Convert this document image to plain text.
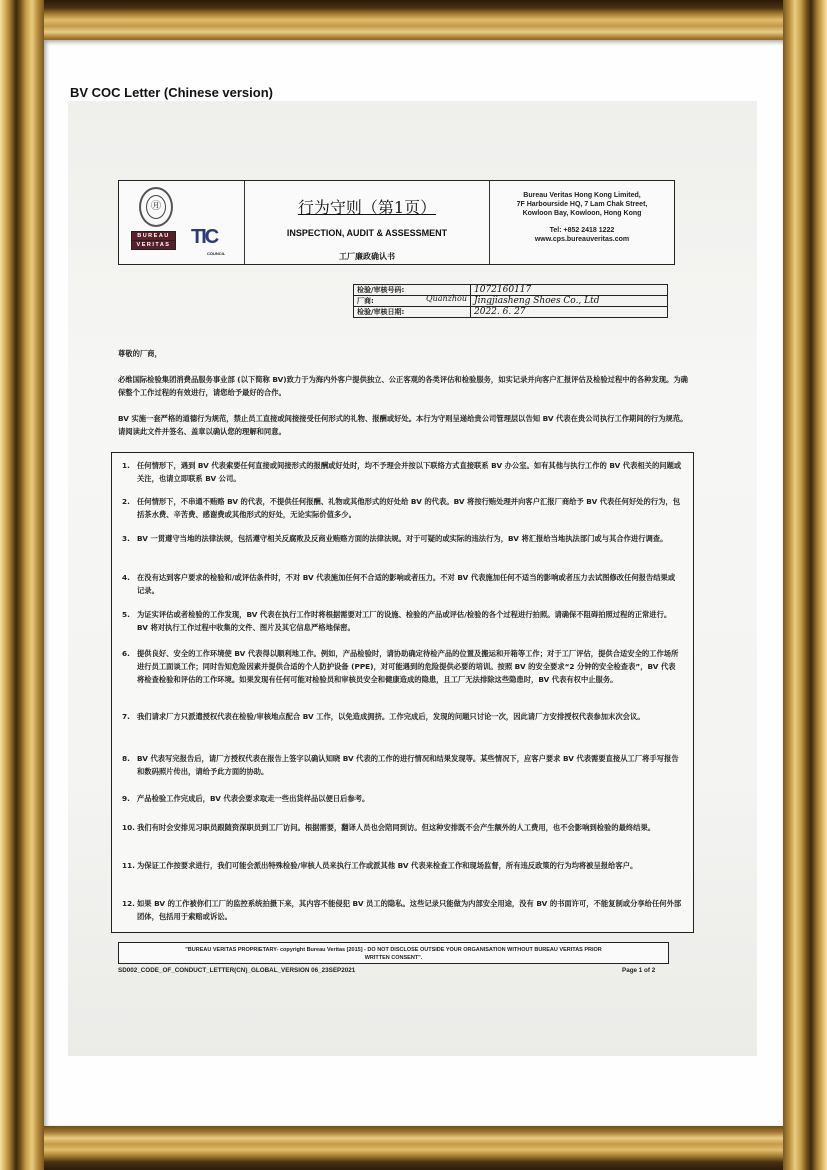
BV COC Letter (Chinese version)
㊊
BUREAU
VERITAS TIC
COUNCIL
行为守则（第1页）
INSPECTION, AUDIT & ASSESSMENT
工厂廉政确认书
Bureau Veritas Hong Kong Limited,
7F Harbourside HQ, 7 Lam Chak Street,
Kowloon Bay, Kowloon, Hong Kong
Tel: +852 2418 1222
www.cps.bureauveritas.com
检验/审核号码:	1072160117
厂商: Quanzhou	Jingjiasheng Shoes Co., Ltd
检验/审核日期:	2022. 6. 27
尊敬的厂商，
必维国际检验集团消费品服务事业部 (以下简称 BV)致力于为海内外客户提供独立、公正客观的各类评估和检验服务，如实记录并向客户汇报评估及检验过程中的各种发现。为确保整个工作过程的有效进行，请您给予最好的合作。
BV 实施一套严格的道德行为规范，禁止员工直接或间接接受任何形式的礼物、报酬或好处。本行为守则呈递给贵公司管理层以告知 BV 代表在贵公司执行工作期间的行为规范。请阅读此文件并签名、盖章以确认您的理解和同意。
1. 任何情形下，遇到 BV 代表索要任何直接或间接形式的报酬或好处时，均不予理会并按以下联络方式直接联系 BV 办公室。如有其他与执行工作的 BV 代表相关的问题或关注，也请立即联系 BV 公司。
2. 任何情形下，不串通不贿赂 BV 的代表，不提供任何报酬、礼物或其他形式的好处给 BV 的代表。BV 将按行贿处理并向客户汇报厂商给予 BV 代表任何好处的行为，包括茶水费、辛苦费、感谢费或其他形式的好处，无论实际价值多少。
3. BV 一贯遵守当地的法律法规，包括遵守相关反腐败及反商业贿赂方面的法律法规。对于可疑的或实际的违法行为，BV 将汇报给当地执法部门或与其合作进行调查。
4. 在没有达到客户要求的检验和/或评估条件时，不对 BV 代表施加任何不合适的影响或者压力。不对 BV 代表施加任何不适当的影响或者压力去试图修改任何报告结果或记录。
5. 为证实评估或者检验的工作发现，BV 代表在执行工作时将根据需要对工厂的设施、检验的产品或评估/检验的各个过程进行拍照。请确保不阻碍拍照过程的正常进行。BV 将对执行工作过程中收集的文件、图片及其它信息严格地保密。
6. 提供良好、安全的工作环境使 BV 代表得以顺利地工作。例如，产品检验时，请协助确定待检产品的位置及搬运和开箱等工作；对于工厂评估，提供合适安全的工作场所进行员工面谈工作；同时告知危险因素并提供合适的个人防护设备 (PPE)，对可能遇到的危险提供必要的培训。按照 BV 的安全要求“2 分钟的安全检查表”，BV 代表将检查检验和评估的工作环境。如果发现有任何可能对检验员和审核员安全和健康造成的隐患，且工厂无法排除这些隐患时，BV 代表有权中止服务。
7. 我们请求厂方只派遣授权代表在检验/审核地点配合 BV 工作，以免造成拥挤。工作完成后，发现的问题只讨论一次，因此请厂方安排授权代表参加末次会议。
8. BV 代表写完报告后，请厂方授权代表在报告上签字以确认知晓 BV 代表的工作的进行情况和结果发现等。某些情况下，应客户要求 BV 代表需要直接从工厂将手写报告和数码照片传出，请给予此方面的协助。
9. 产品检验工作完成后，BV 代表会要求取走一些出货样品以便日后参考。
10. 我们有时会安排见习职员跟随资深职员到工厂访问。根据需要，翻译人员也会陪同到访。但这种安排既不会产生额外的人工费用，也不会影响到检验的最终结果。
11. 为保证工作按要求进行，我们可能会派出特殊检验/审核人员来执行工作或派其他 BV 代表来检查工作和现场监督，所有违反政策的行为均将被呈报给客户。
12. 如果 BV 的工作被你们工厂的监控系统拍摄下来，其内容不能侵犯 BV 员工的隐私。这些记录只能做为内部安全用途，没有 BV 的书面许可，不能复制或分享给任何外部团体，包括用于索赔或诉讼。
"BUREAU VERITAS PROPRIETARY- copyright Bureau Veritas [2015] - DO NOT DISCLOSE OUTSIDE YOUR ORGANISATION WITHOUT BUREAU VERITAS PRIOR
WRITTEN CONSENT".
SD002_CODE_OF_CONDUCT_LETTER(CN)_GLOBAL_VERSION 06_23SEP2021	Page 1 of 2
